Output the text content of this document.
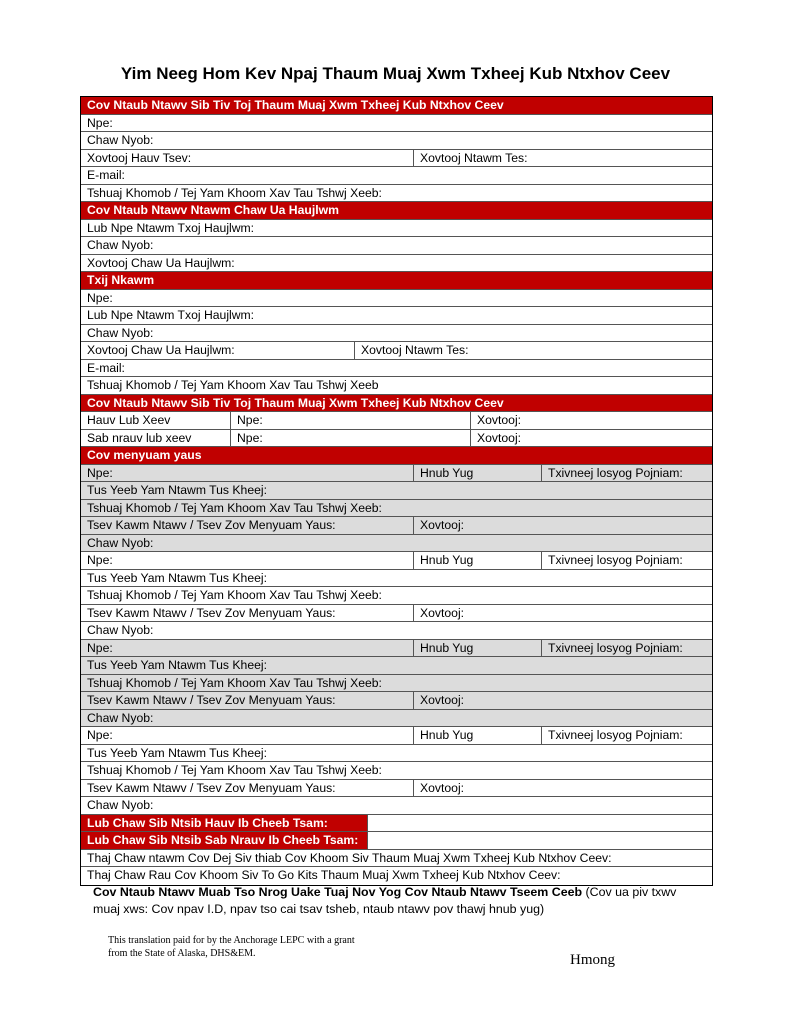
Yim Neeg Hom Kev Npaj Thaum Muaj Xwm Txheej Kub Ntxhov Ceev
Cov Ntaub Ntawv Sib Tiv Toj Thaum Muaj Xwm Txheej Kub Ntxhov Ceev
Npe:
Chaw Nyob:
Xovtooj Hauv Tsev:	Xovtooj Ntawm Tes:
E-mail:
Tshuaj Khomob / Tej Yam Khoom Xav Tau Tshwj Xeeb:
Cov Ntaub Ntawv Ntawm Chaw Ua Haujlwm
Lub Npe Ntawm Txoj Haujlwm:
Chaw Nyob:
Xovtooj Chaw Ua Haujlwm:
Txij Nkawm
Npe:
Lub Npe Ntawm Txoj Haujlwm:
Chaw Nyob:
Xovtooj Chaw Ua Haujlwm:	Xovtooj Ntawm Tes:
E-mail:
Tshuaj Khomob / Tej Yam Khoom Xav Tau Tshwj Xeeb
Cov Ntaub Ntawv Sib Tiv Toj Thaum Muaj Xwm Txheej Kub Ntxhov Ceev
Hauv Lub Xeev	Npe:	Xovtooj:
Sab nrauv lub xeev	Npe:	Xovtooj:
Cov menyuam yaus
Npe:	Hnub Yug	Txivneej losyog Pojniam:
Tus Yeeb Yam Ntawm Tus Kheej:
Tshuaj Khomob / Tej Yam Khoom Xav Tau Tshwj Xeeb:
Tsev Kawm Ntawv / Tsev Zov Menyuam Yaus:	Xovtooj:
Chaw Nyob:
Npe:	Hnub Yug	Txivneej losyog Pojniam:
Tus Yeeb Yam Ntawm Tus Kheej:
Tshuaj Khomob / Tej Yam Khoom Xav Tau Tshwj Xeeb:
Tsev Kawm Ntawv / Tsev Zov Menyuam Yaus:	Xovtooj:
Chaw Nyob:
Npe:	Hnub Yug	Txivneej losyog Pojniam:
Tus Yeeb Yam Ntawm Tus Kheej:
Tshuaj Khomob / Tej Yam Khoom Xav Tau Tshwj Xeeb:
Tsev Kawm Ntawv / Tsev Zov Menyuam Yaus:	Xovtooj:
Chaw Nyob:
Npe:	Hnub Yug	Txivneej losyog Pojniam:
Tus Yeeb Yam Ntawm Tus Kheej:
Tshuaj Khomob / Tej Yam Khoom Xav Tau Tshwj Xeeb:
Tsev Kawm Ntawv / Tsev Zov Menyuam Yaus:	Xovtooj:
Chaw Nyob:
Lub Chaw Sib Ntsib Hauv Ib Cheeb Tsam:
Lub Chaw Sib Ntsib Sab Nrauv Ib Cheeb Tsam:
Thaj Chaw ntawm Cov Dej Siv thiab Cov Khoom Siv Thaum Muaj Xwm Txheej Kub Ntxhov Ceev:
Thaj Chaw Rau Cov Khoom Siv To Go Kits Thaum Muaj Xwm Txheej Kub Ntxhov Ceev:
Cov Ntaub Ntawv Muab Tso Nrog Uake Tuaj Nov Yog Cov Ntaub Ntawv Tseem Ceeb (Cov ua piv txwv muaj xws: Cov npav I.D, npav tso cai tsav tsheb, ntaub ntawv pov thawj hnub yug)
This translation paid for by the Anchorage LEPC with a grant
from the State of Alaska, DHS&EM.	Hmong
